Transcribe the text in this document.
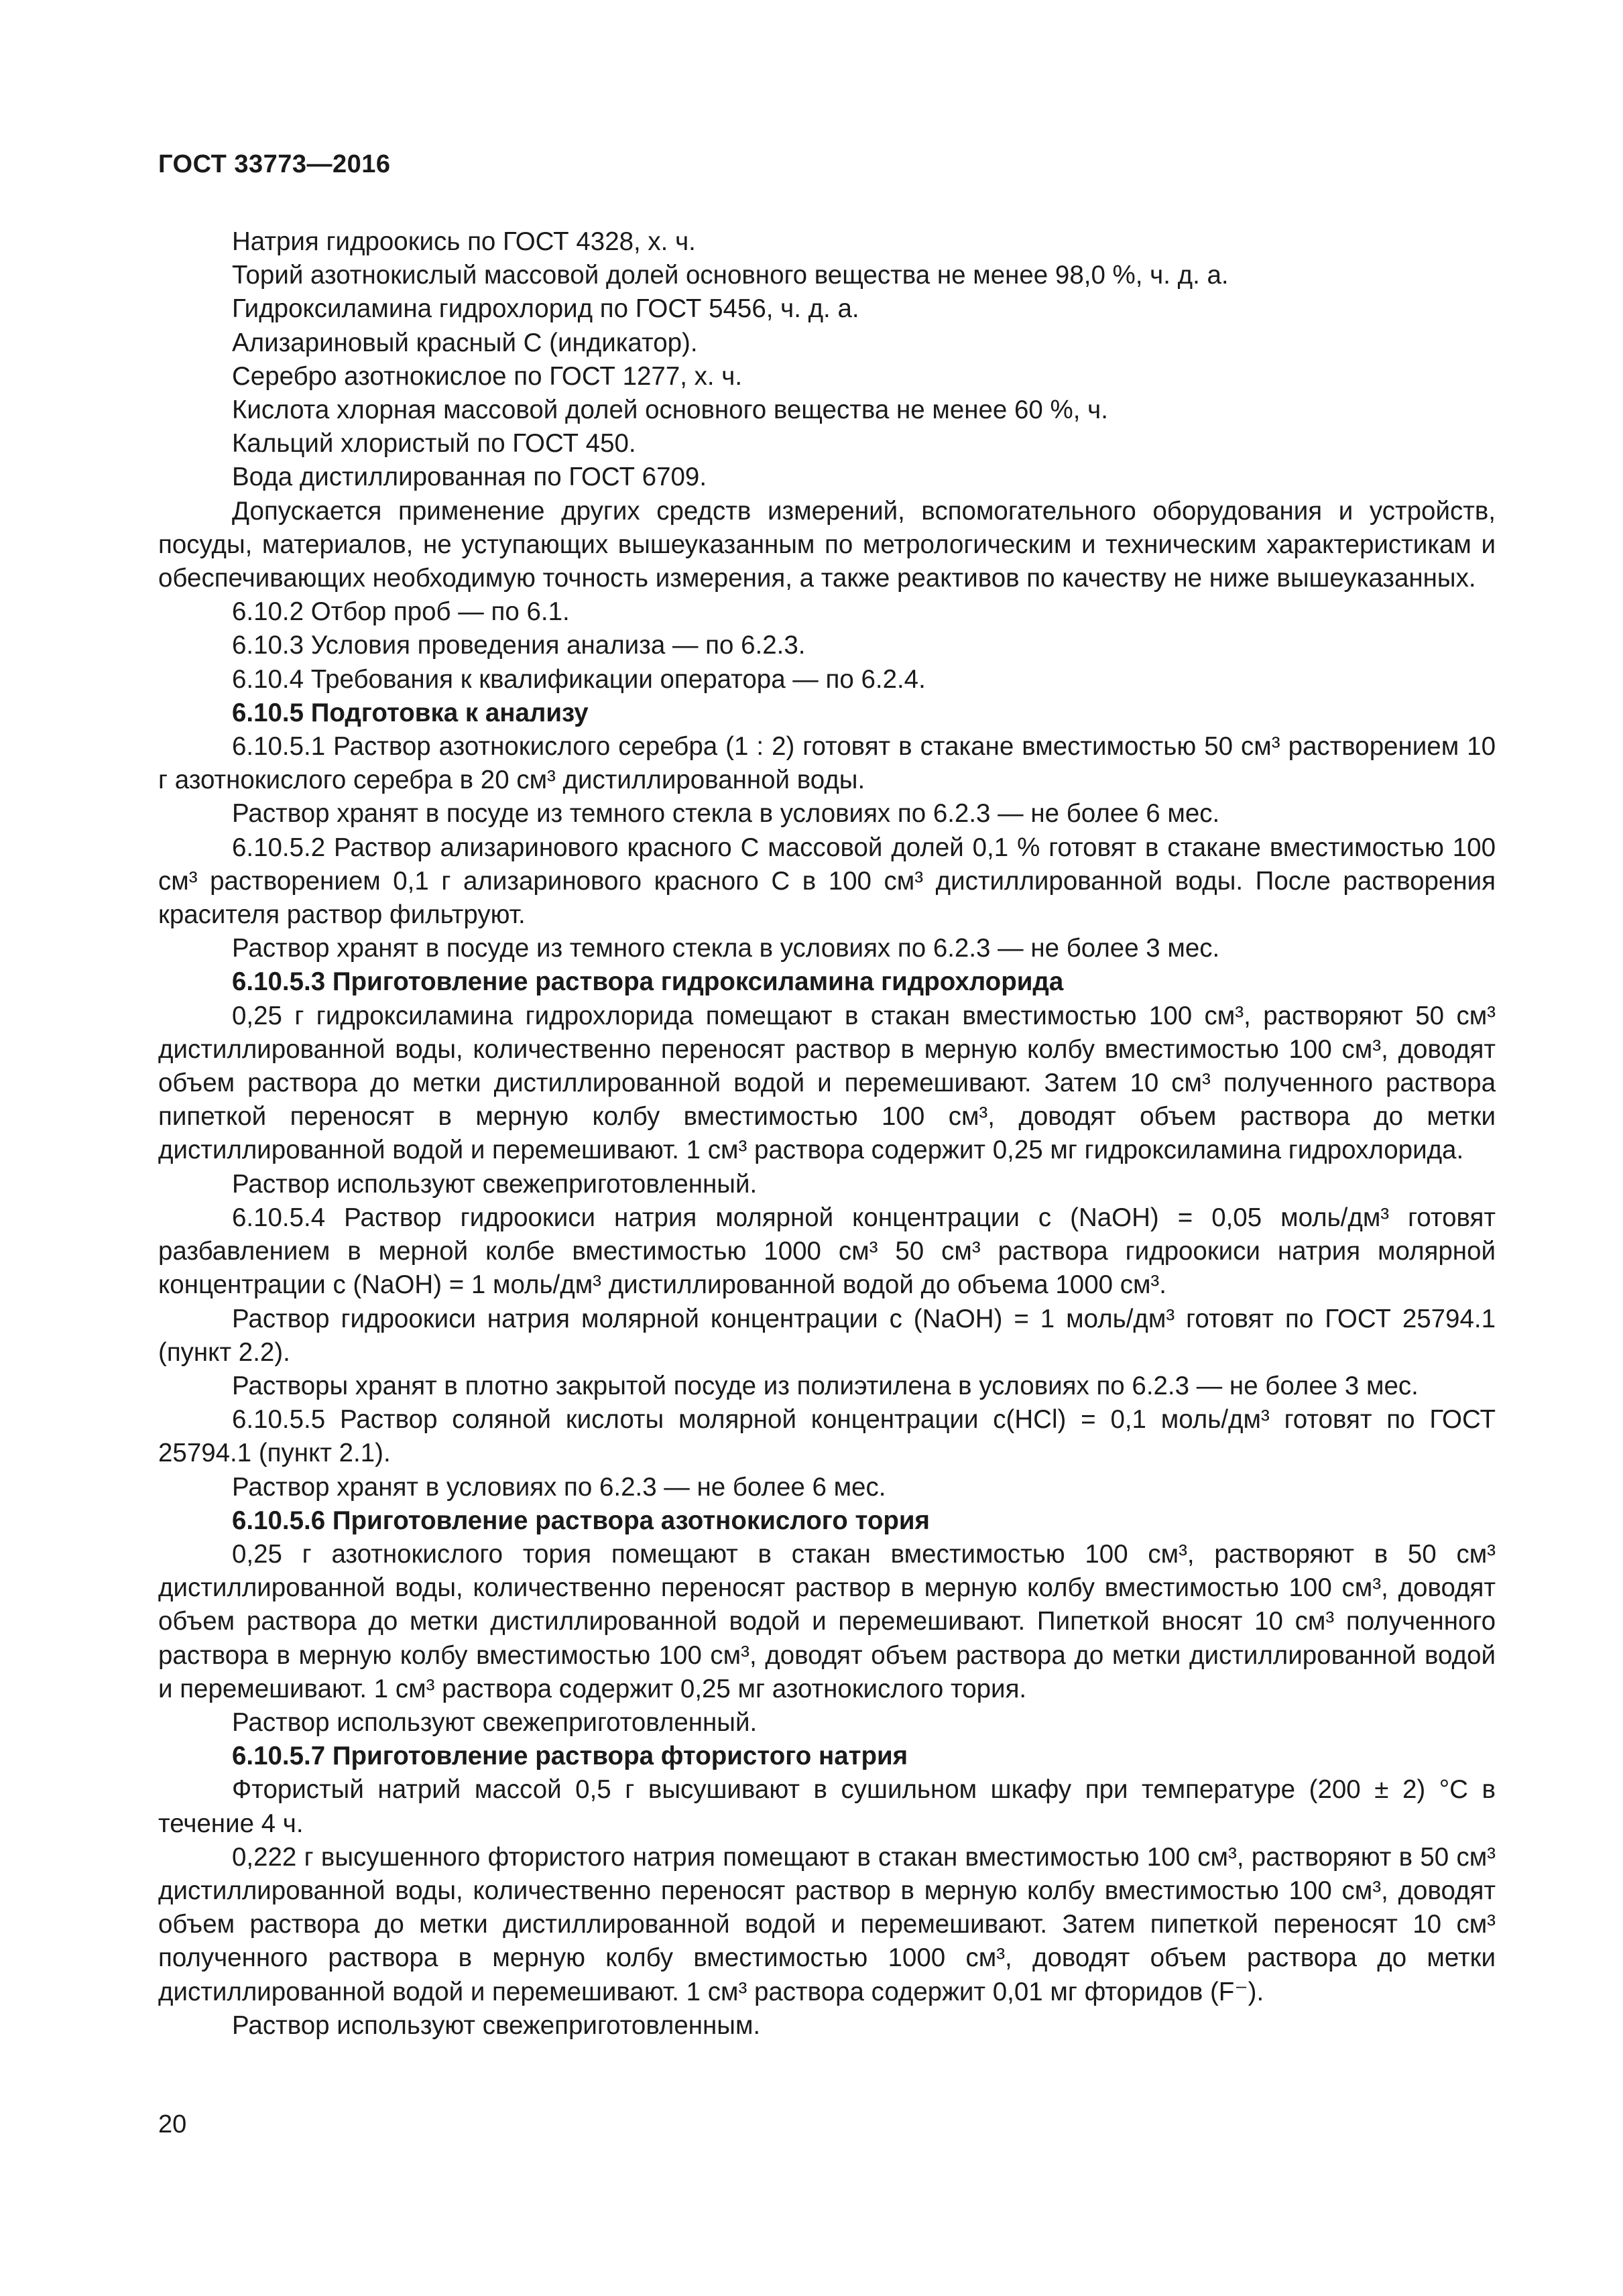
ГОСТ 33773—2016

Натрия гидроокись по ГОСТ 4328, х. ч.

Торий азотнокислый массовой долей основного вещества не менее 98,0 %, ч. д. а.

Гидроксиламина гидрохлорид по ГОСТ 5456, ч. д. а.

Ализариновый красный С (индикатор).

Серебро азотнокислое по ГОСТ 1277, х. ч.

Кислота хлорная массовой долей основного вещества не менее 60 %, ч.

Кальций хлористый по ГОСТ 450.

Вода дистиллированная по ГОСТ 6709.

Допускается применение других средств измерений, вспомогательного оборудования и устройств, посуды, материалов, не уступающих вышеуказанным по метрологическим и техническим характеристикам и обеспечивающих необходимую точность измерения, а также реактивов по качеству не ниже вышеуказанных.

6.10.2 Отбор проб — по 6.1.

6.10.3 Условия проведения анализа — по 6.2.3.

6.10.4 Требования к квалификации оператора — по 6.2.4.

6.10.5 Подготовка к анализу

6.10.5.1 Раствор азотнокислого серебра (1 : 2) готовят в стакане вместимостью 50 см³ растворением 10 г азотнокислого серебра в 20 см³ дистиллированной воды.

Раствор хранят в посуде из темного стекла в условиях по 6.2.3 — не более 6 мес.

6.10.5.2 Раствор ализаринового красного С массовой долей 0,1 % готовят в стакане вместимостью 100 см³ растворением 0,1 г ализаринового красного С в 100 см³ дистиллированной воды. После растворения красителя раствор фильтруют.

Раствор хранят в посуде из темного стекла в условиях по 6.2.3 — не более 3 мес.

6.10.5.3 Приготовление раствора гидроксиламина гидрохлорида

0,25 г гидроксиламина гидрохлорида помещают в стакан вместимостью 100 см³, растворяют 50 см³ дистиллированной воды, количественно переносят раствор в мерную колбу вместимостью 100 см³, доводят объем раствора до метки дистиллированной водой и перемешивают. Затем 10 см³ полученного раствора пипеткой переносят в мерную колбу вместимостью 100 см³, доводят объем раствора до метки дистиллированной водой и перемешивают. 1 см³ раствора содержит 0,25 мг гидроксиламина гидрохлорида.

Раствор используют свежеприготовленный.

6.10.5.4 Раствор гидроокиси натрия молярной концентрации с (NaOH) = 0,05 моль/дм³ готовят разбавлением в мерной колбе вместимостью 1000 см³ 50 см³ раствора гидроокиси натрия молярной концентрации с (NaOH) = 1 моль/дм³ дистиллированной водой до объема 1000 см³.

Раствор гидроокиси натрия молярной концентрации с (NaOH) = 1 моль/дм³ готовят по ГОСТ 25794.1 (пункт 2.2).

Растворы хранят в плотно закрытой посуде из полиэтилена в условиях по 6.2.3 — не более 3 мес.

6.10.5.5 Раствор соляной кислоты молярной концентрации с(HCl) = 0,1 моль/дм³ готовят по ГОСТ 25794.1 (пункт 2.1).

Раствор хранят в условиях по 6.2.3 — не более 6 мес.

6.10.5.6 Приготовление раствора азотнокислого тория

0,25 г азотнокислого тория помещают в стакан вместимостью 100 см³, растворяют в 50 см³ дистиллированной воды, количественно переносят раствор в мерную колбу вместимостью 100 см³, доводят объем раствора до метки дистиллированной водой и перемешивают. Пипеткой вносят 10 см³ полученного раствора в мерную колбу вместимостью 100 см³, доводят объем раствора до метки дистиллированной водой и перемешивают. 1 см³ раствора содержит 0,25 мг азотнокислого тория.

Раствор используют свежеприготовленный.

6.10.5.7 Приготовление раствора фтористого натрия

Фтористый натрий массой 0,5 г высушивают в сушильном шкафу при температуре (200 ± 2) °С в течение 4 ч.

0,222 г высушенного фтористого натрия помещают в стакан вместимостью 100 см³, растворяют в 50 см³ дистиллированной воды, количественно переносят раствор в мерную колбу вместимостью 100 см³, доводят объем раствора до метки дистиллированной водой и перемешивают. Затем пипеткой переносят 10 см³ полученного раствора в мерную колбу вместимостью 1000 см³, доводят объем раствора до метки дистиллированной водой и перемешивают. 1 см³ раствора содержит 0,01 мг фторидов (F⁻).

Раствор используют свежеприготовленным.

20
